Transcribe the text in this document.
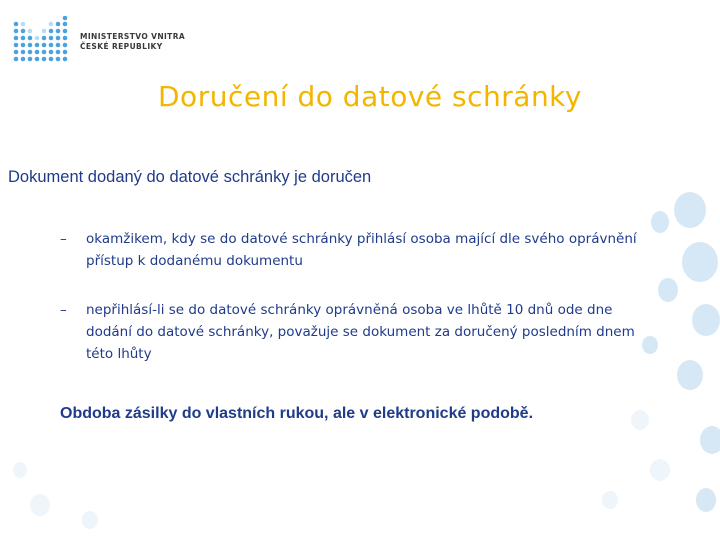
MINISTERSTVO VNITRA
ČESKÉ REPUBLIKY
Doručení do datové schránky
Dokument dodaný do datové schránky je doručen
–	okamžikem, kdy se do datové schránky přihlásí osoba mající dle svého oprávnění přístup k dodanému dokumentu
–	nepřihlásí-li se do datové schránky oprávněná osoba ve lhůtě 10 dnů ode dne dodání do datové schránky, považuje se dokument za doručený posledním dnem této lhůty
Obdoba zásilky do vlastních rukou, ale v elektronické podobě.
